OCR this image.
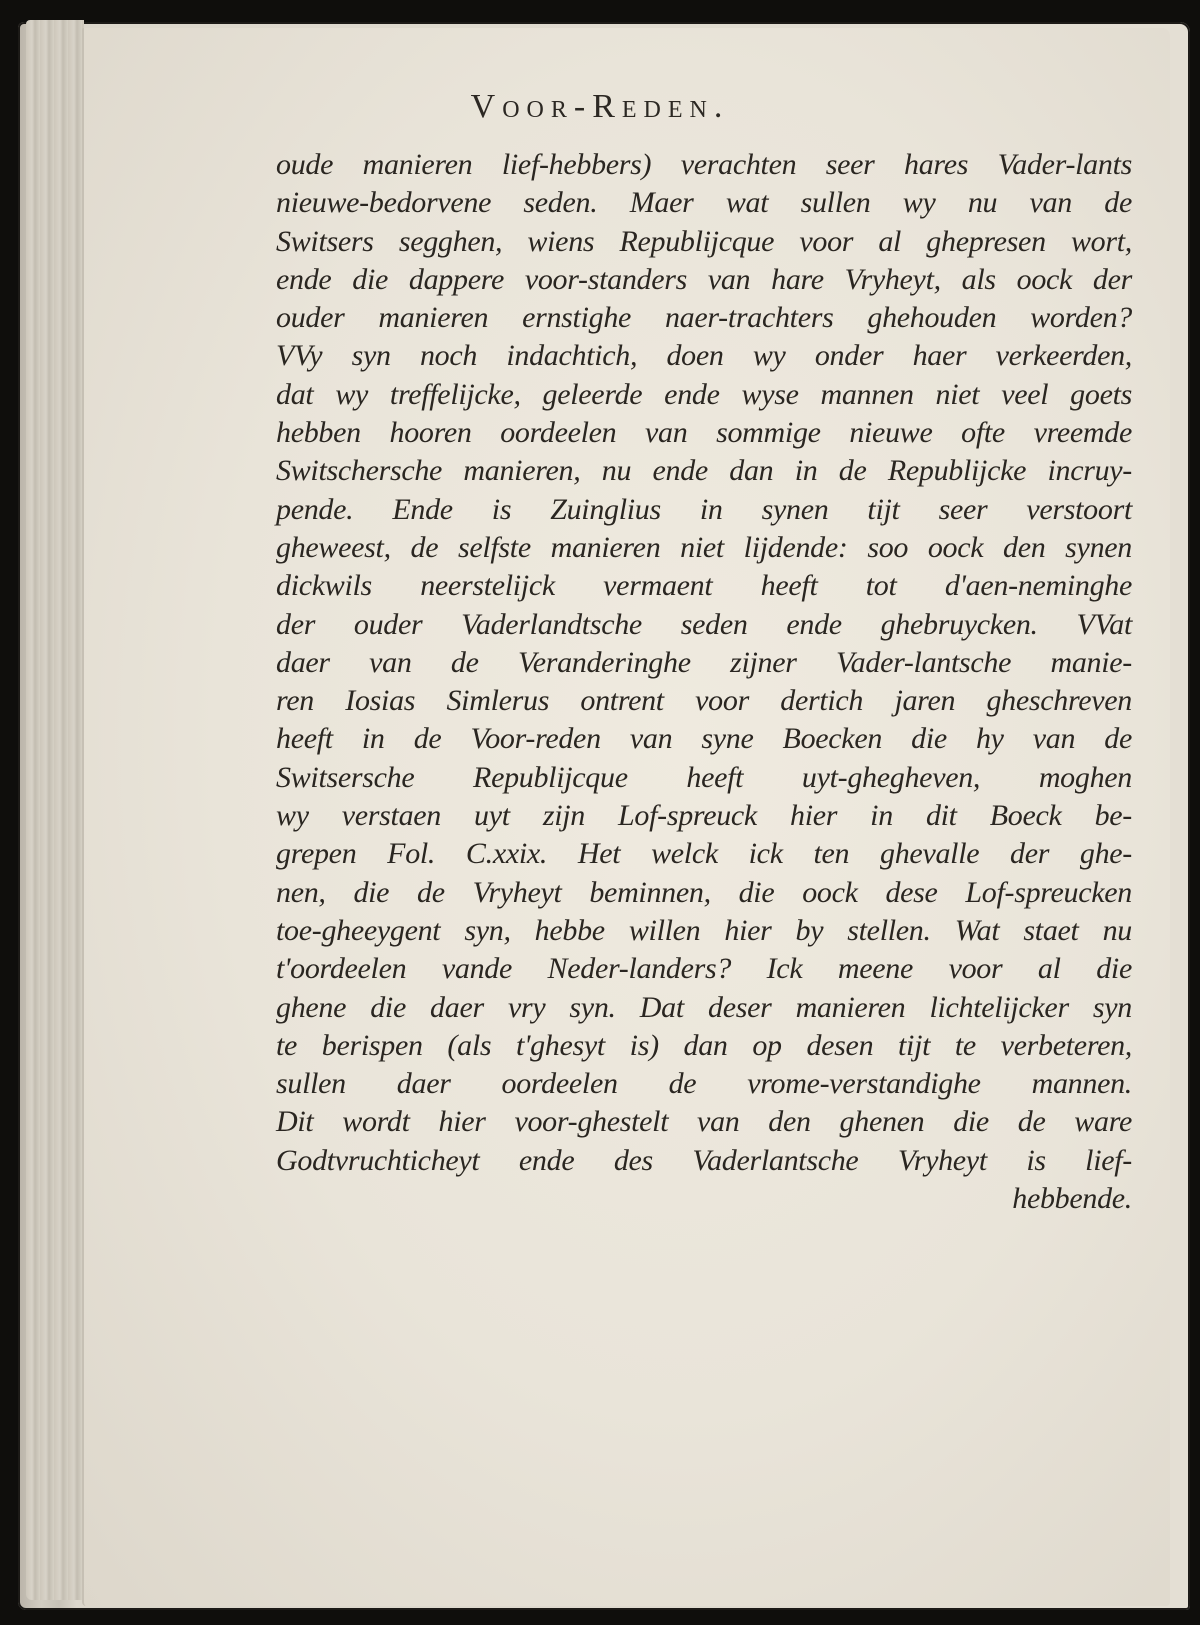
Voor-Reden.
oude manieren lief-hebbers) verachten seer hares Vader-lants
nieuwe-bedorvene seden. Maer wat sullen wy nu van de
Switsers segghen, wiens Republijcque voor al ghepresen wort,
ende die dappere voor-standers van hare Vryheyt, als oock der
ouder manieren ernstighe naer-trachters ghehouden worden?
VVy syn noch indachtich, doen wy onder haer verkeerden,
dat wy treffelijcke, geleerde ende wyse mannen niet veel goets
hebben hooren oordeelen van sommige nieuwe ofte vreemde
Switschersche manieren, nu ende dan in de Republijcke incruy-
pende. Ende is Zuinglius in synen tijt seer verstoort
gheweest, de selfste manieren niet lijdende: soo oock den synen
dickwils neerstelijck vermaent heeft tot d'aen-neminghe
der ouder Vaderlandtsche seden ende ghebruycken. VVat
daer van de Veranderinghe zijner Vader-lantsche manie-
ren Iosias Simlerus ontrent voor dertich jaren gheschreven
heeft in de Voor-reden van syne Boecken die hy van de
Switsersche Republijcque heeft uyt-ghegheven, moghen
wy verstaen uyt zijn Lof-spreuck hier in dit Boeck be-
grepen Fol. C.xxix. Het welck ick ten ghevalle der ghe-
nen, die de Vryheyt beminnen, die oock dese Lof-spreucken
toe-gheeygent syn, hebbe willen hier by stellen. Wat staet nu
t'oordeelen vande Neder-landers? Ick meene voor al die
ghene die daer vry syn. Dat deser manieren lichtelijcker syn
te berispen (als t'ghesyt is) dan op desen tijt te verbeteren,
sullen daer oordeelen de vrome-verstandighe mannen.
Dit wordt hier voor-ghestelt van den ghenen die de ware
Godtvruchticheyt ende des Vaderlantsche Vryheyt is lief-
hebbende.
